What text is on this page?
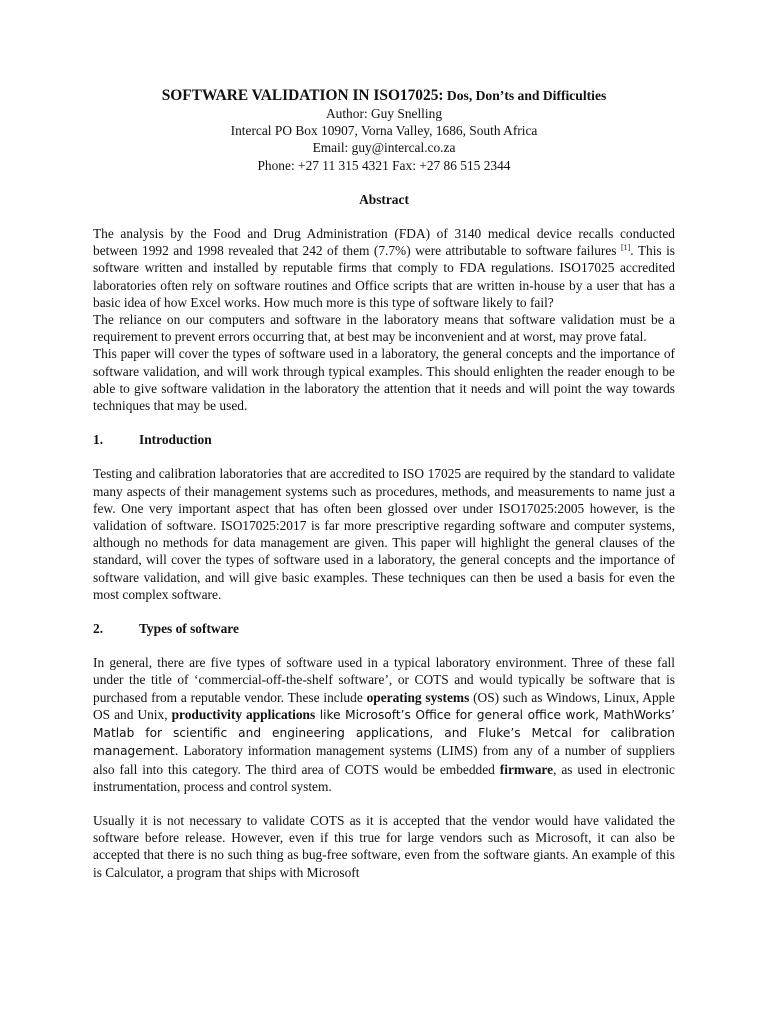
SOFTWARE VALIDATION IN ISO17025: Dos, Don’ts and Difficulties

Author: Guy Snelling

Intercal PO Box 10907, Vorna Valley, 1686, South Africa

Email: guy@intercal.co.za

Phone: +27 11 315 4321 Fax: +27 86 515 2344

Abstract

The analysis by the Food and Drug Administration (FDA) of 3140 medical device recalls conducted between 1992 and 1998 revealed that 242 of them (7.7%) were attributable to software failures [1]. This is software written and installed by reputable firms that comply to FDA regulations. ISO17025 accredited laboratories often rely on software routines and Office scripts that are written in-house by a user that has a basic idea of how Excel works. How much more is this type of software likely to fail?

The reliance on our computers and software in the laboratory means that software validation must be a requirement to prevent errors occurring that, at best may be inconvenient and at worst, may prove fatal.

This paper will cover the types of software used in a laboratory, the general concepts and the importance of software validation, and will work through typical examples. This should enlighten the reader enough to be able to give software validation in the laboratory the attention that it needs and will point the way towards techniques that may be used.

1.	Introduction

Testing and calibration laboratories that are accredited to ISO 17025 are required by the standard to validate many aspects of their management systems such as procedures, methods, and measurements to name just a few. One very important aspect that has often been glossed over under ISO17025:2005 however, is the validation of software. ISO17025:2017 is far more prescriptive regarding software and computer systems, although no methods for data management are given. This paper will highlight the general clauses of the standard, will cover the types of software used in a laboratory, the general concepts and the importance of software validation, and will give basic examples. These techniques can then be used a basis for even the most complex software.

2.	Types of software

In general, there are five types of software used in a typical laboratory environment. Three of these fall under the title of ‘commercial-off-the-shelf software’, or COTS and would typically be software that is purchased from a reputable vendor. These include operating systems (OS) such as Windows, Linux, Apple OS and Unix, productivity applications like Microsoft’s Office for general office work, MathWorks’ Matlab for scientific and engineering applications, and Fluke’s Metcal for calibration management. Laboratory information management systems (LIMS) from any of a number of suppliers also fall into this category. The third area of COTS would be embedded firmware, as used in electronic instrumentation, process and control system.

Usually it is not necessary to validate COTS as it is accepted that the vendor would have validated the software before release. However, even if this true for large vendors such as Microsoft, it can also be accepted that there is no such thing as bug-free software, even from the software giants. An example of this is Calculator, a program that ships with Microsoft
